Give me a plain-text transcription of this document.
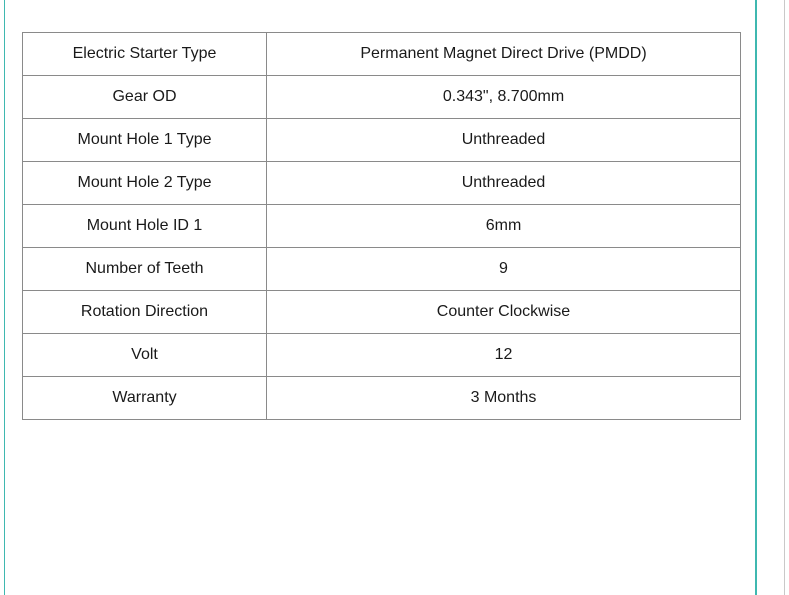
Electric Starter Type	Permanent Magnet Direct Drive (PMDD)
Gear OD	0.343", 8.700mm
Mount Hole 1 Type	Unthreaded
Mount Hole 2 Type	Unthreaded
Mount Hole ID 1	6mm
Number of Teeth	9
Rotation Direction	Counter Clockwise
Volt	12
Warranty	3 Months
